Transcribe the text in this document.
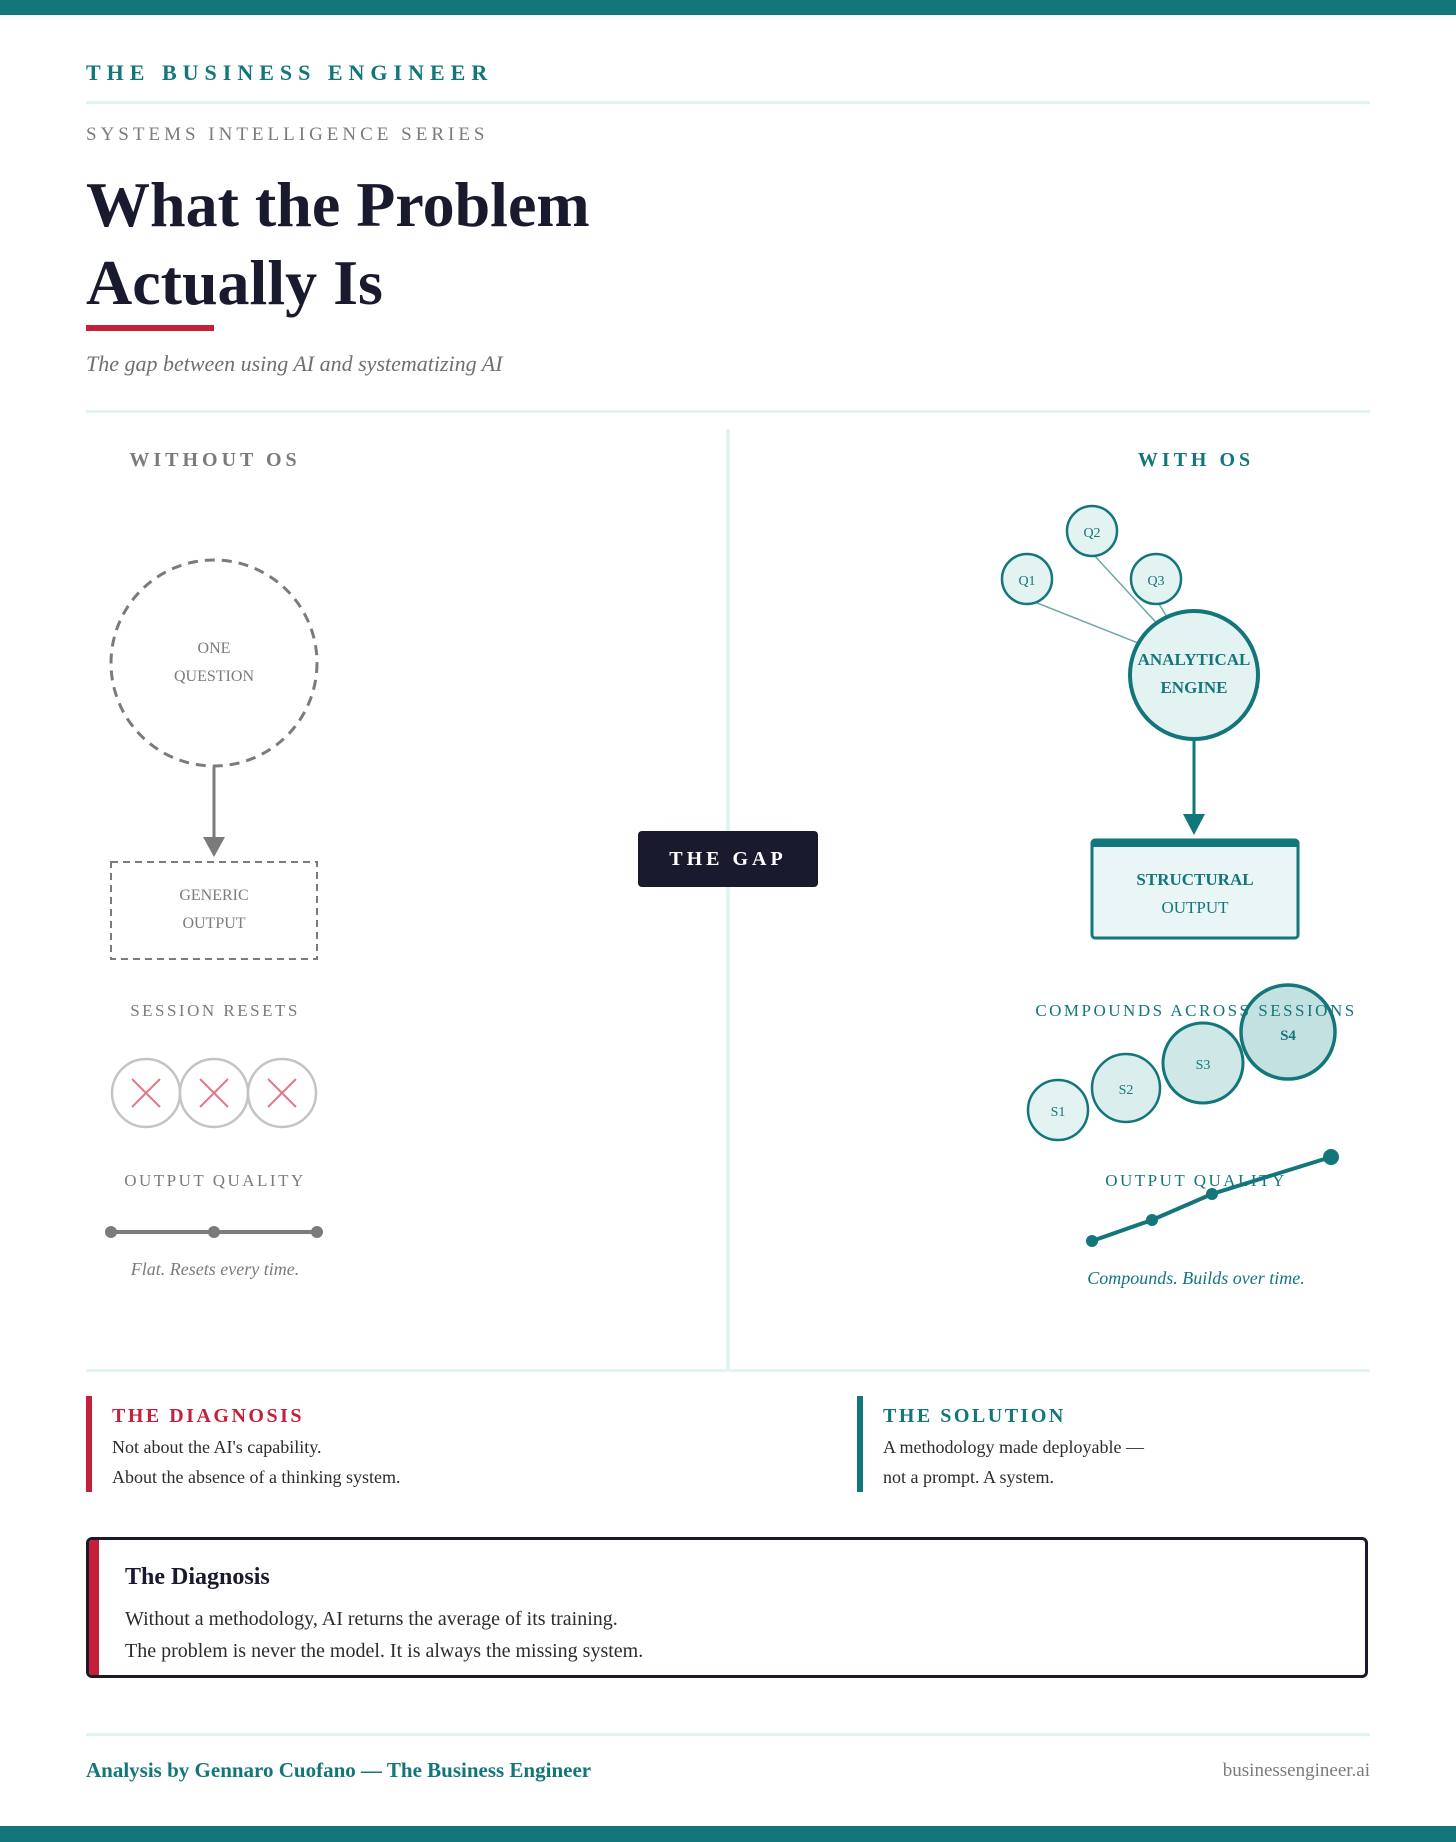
THE BUSINESS ENGINEER
SYSTEMS INTELLIGENCE SERIES
What the Problem
Actually Is
The gap between using AI and systematizing AI
WITHOUT OS	WITH OS
THE GAP
ONE
QUESTION
GENERIC
OUTPUT
SESSION RESETS
OUTPUT QUALITY
Flat. Resets every time.
Q1
Q2
Q3
ANALYTICAL
ENGINE
STRUCTURAL
OUTPUT
S1
S2
S3
S4
COMPOUNDS ACROSS SESSIONS
OUTPUT QUALITY
Compounds. Builds over time.
THE DIAGNOSIS
Not about the AI's capability.
About the absence of a thinking system.
THE SOLUTION
A methodology made deployable —
not a prompt. A system.
The Diagnosis
Without a methodology, AI returns the average of its training.
The problem is never the model. It is always the missing system.
Analysis by Gennaro Cuofano — The Business Engineer	businessengineer.ai
